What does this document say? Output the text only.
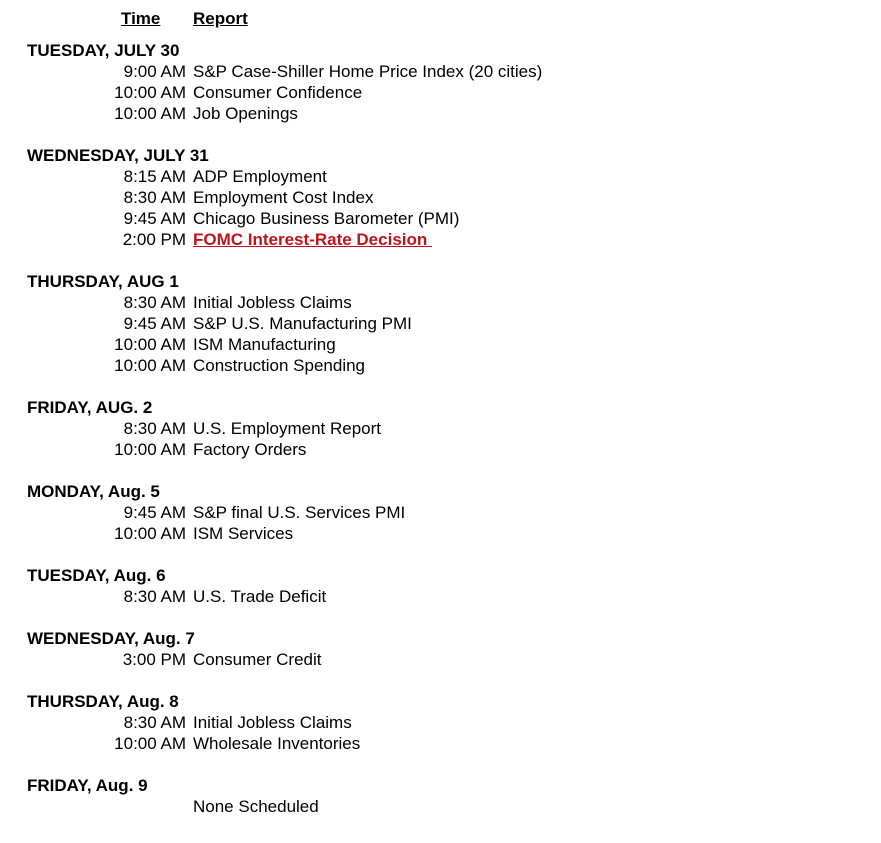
Time	Report
TUESDAY, JULY 30
9:00 AM S&P Case-Shiller Home Price Index (20 cities)
10:00 AM Consumer Confidence
10:00 AM Job Openings
WEDNESDAY, JULY 31
8:15 AM ADP Employment
8:30 AM Employment Cost Index
9:45 AM Chicago Business Barometer (PMI)
2:00 PM FOMC Interest-Rate Decision
THURSDAY, AUG 1
8:30 AM Initial Jobless Claims
9:45 AM S&P U.S. Manufacturing PMI
10:00 AM ISM Manufacturing
10:00 AM Construction Spending
FRIDAY, AUG. 2
8:30 AM U.S. Employment Report
10:00 AM Factory Orders
MONDAY, Aug. 5
9:45 AM S&P final U.S. Services PMI
10:00 AM ISM Services
TUESDAY, Aug. 6
8:30 AM U.S. Trade Deficit
WEDNESDAY, Aug. 7
3:00 PM Consumer Credit
THURSDAY, Aug. 8
8:30 AM Initial Jobless Claims
10:00 AM Wholesale Inventories
FRIDAY, Aug. 9
None Scheduled
